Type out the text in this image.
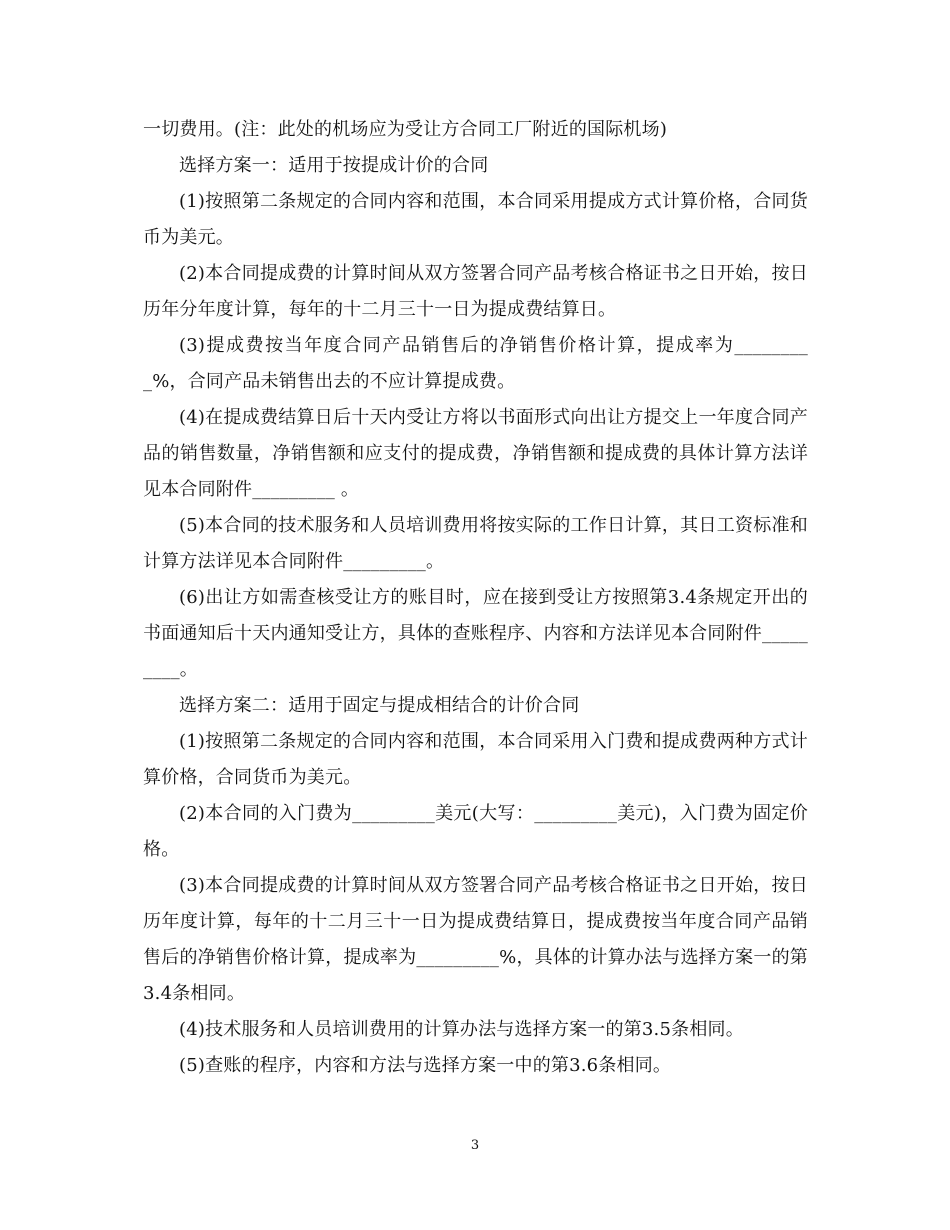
一切费用。(注：此处的机场应为受让方合同工厂附近的国际机场)

选择方案一：适用于按提成计价的合同

(1)按照第二条规定的合同内容和范围，本合同采用提成方式计算价格，合同货币为美元。

(2)本合同提成费的计算时间从双方签署合同产品考核合格证书之日开始，按日历年分年度计算，每年的十二月三十一日为提成费结算日。

(3)提成费按当年度合同产品销售后的净销售价格计算，提成率为_________%，合同产品未销售出去的不应计算提成费。

(4)在提成费结算日后十天内受让方将以书面形式向出让方提交上一年度合同产品的销售数量，净销售额和应支付的提成费，净销售额和提成费的具体计算方法详见本合同附件_________ 。

(5)本合同的技术服务和人员培训费用将按实际的工作日计算，其日工资标准和计算方法详见本合同附件_________。

(6)出让方如需查核受让方的账目时，应在接到受让方按照第3.4条规定开出的书面通知后十天内通知受让方，具体的查账程序、内容和方法详见本合同附件_________。

选择方案二：适用于固定与提成相结合的计价合同

(1)按照第二条规定的合同内容和范围，本合同采用入门费和提成费两种方式计算价格，合同货币为美元。

(2)本合同的入门费为_________美元(大写：_________美元)，入门费为固定价格。

(3)本合同提成费的计算时间从双方签署合同产品考核合格证书之日开始，按日历年度计算，每年的十二月三十一日为提成费结算日，提成费按当年度合同产品销售后的净销售价格计算，提成率为_________%，具体的计算办法与选择方案一的第3.4条相同。

(4)技术服务和人员培训费用的计算办法与选择方案一的第3.5条相同。

(5)查账的程序，内容和方法与选择方案一中的第3.6条相同。

3
